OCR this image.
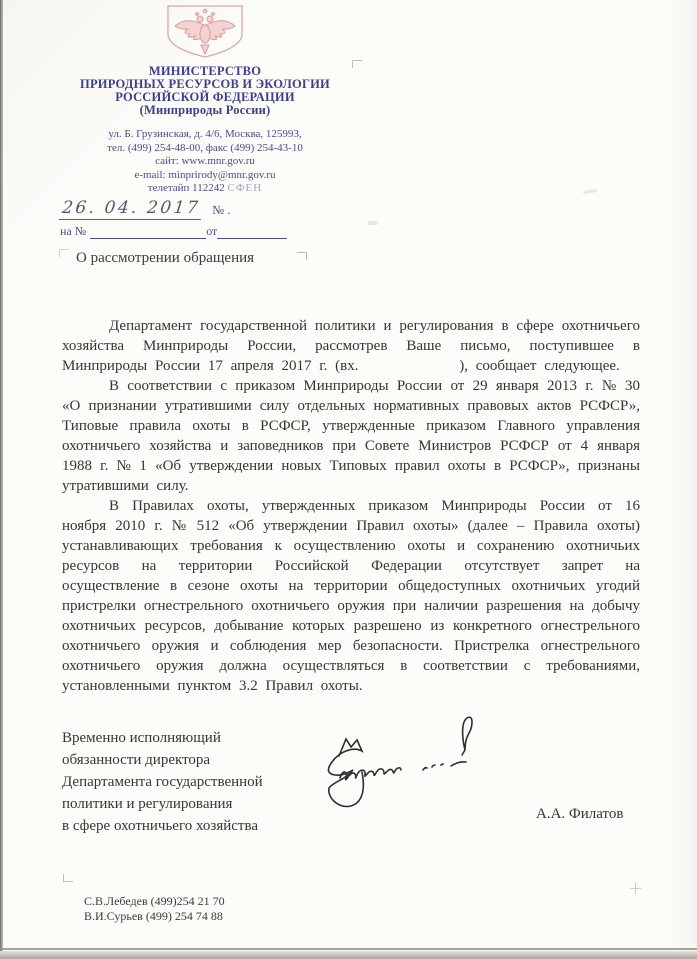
МИНИСТЕРСТВО
ПРИРОДНЫХ РЕСУРСОВ И ЭКОЛОГИИ
РОССИЙСКОЙ ФЕДЕРАЦИИ
(Минприроды России)
ул. Б. Грузинская, д. 4/6, Москва, 125993,
тел. (499) 254-48-00, факс (499) 254-43-10
сайт: www.mnr.gov.ru
e-mail: minprirody@mnr.gov.ru
телетайп 112242 СФЕН
26. 04. 2017 № .
на №	от
О рассмотрении обращения

Департамент государственной политики и регулирования в сфере охотничьего хозяйства Минприроды России, рассмотрев Ваше письмо, поступившее в Минприроды России 17 апреля 2017 г. (вх.             ), сообщает следующее.

В соответствии с приказом Минприроды России от 29 января 2013 г. № 30 «О признании утратившими силу отдельных нормативных правовых актов РСФСР», Типовые правила охоты в РСФСР, утвержденные приказом Главного управления охотничьего хозяйства и заповедников при Совете Министров РСФСР от 4 января 1988 г. № 1 «Об утверждении новых Типовых правил охоты в РСФСР», признаны утратившими силу.

В Правилах охоты, утвержденных приказом Минприроды России от 16 ноября 2010 г. № 512 «Об утверждении Правил охоты» (далее – Правила охоты) устанавливающих требования к осуществлению охоты и сохранению охотничьих ресурсов на территории Российской Федерации отсутствует запрет на осуществление в сезоне охоты на территории общедоступных охотничьих угодий пристрелки огнестрельного охотничьего оружия при наличии разрешения на добычу охотничьих ресурсов, добывание которых разрешено из конкретного огнестрельного охотничьего оружия и соблюдения мер безопасности. Пристрелка огнестрельного охотничьего оружия должна осуществляться в соответствии с требованиями, установленными пунктом 3.2 Правил охоты.

Временно исполняющий
обязанности директора
Департамента государственной
политики и регулирования
в сфере охотничьего хозяйства
А.А. Филатов
С.В.Лебедев (499)254 21 70
В.И.Сурьев (499) 254 74 88
